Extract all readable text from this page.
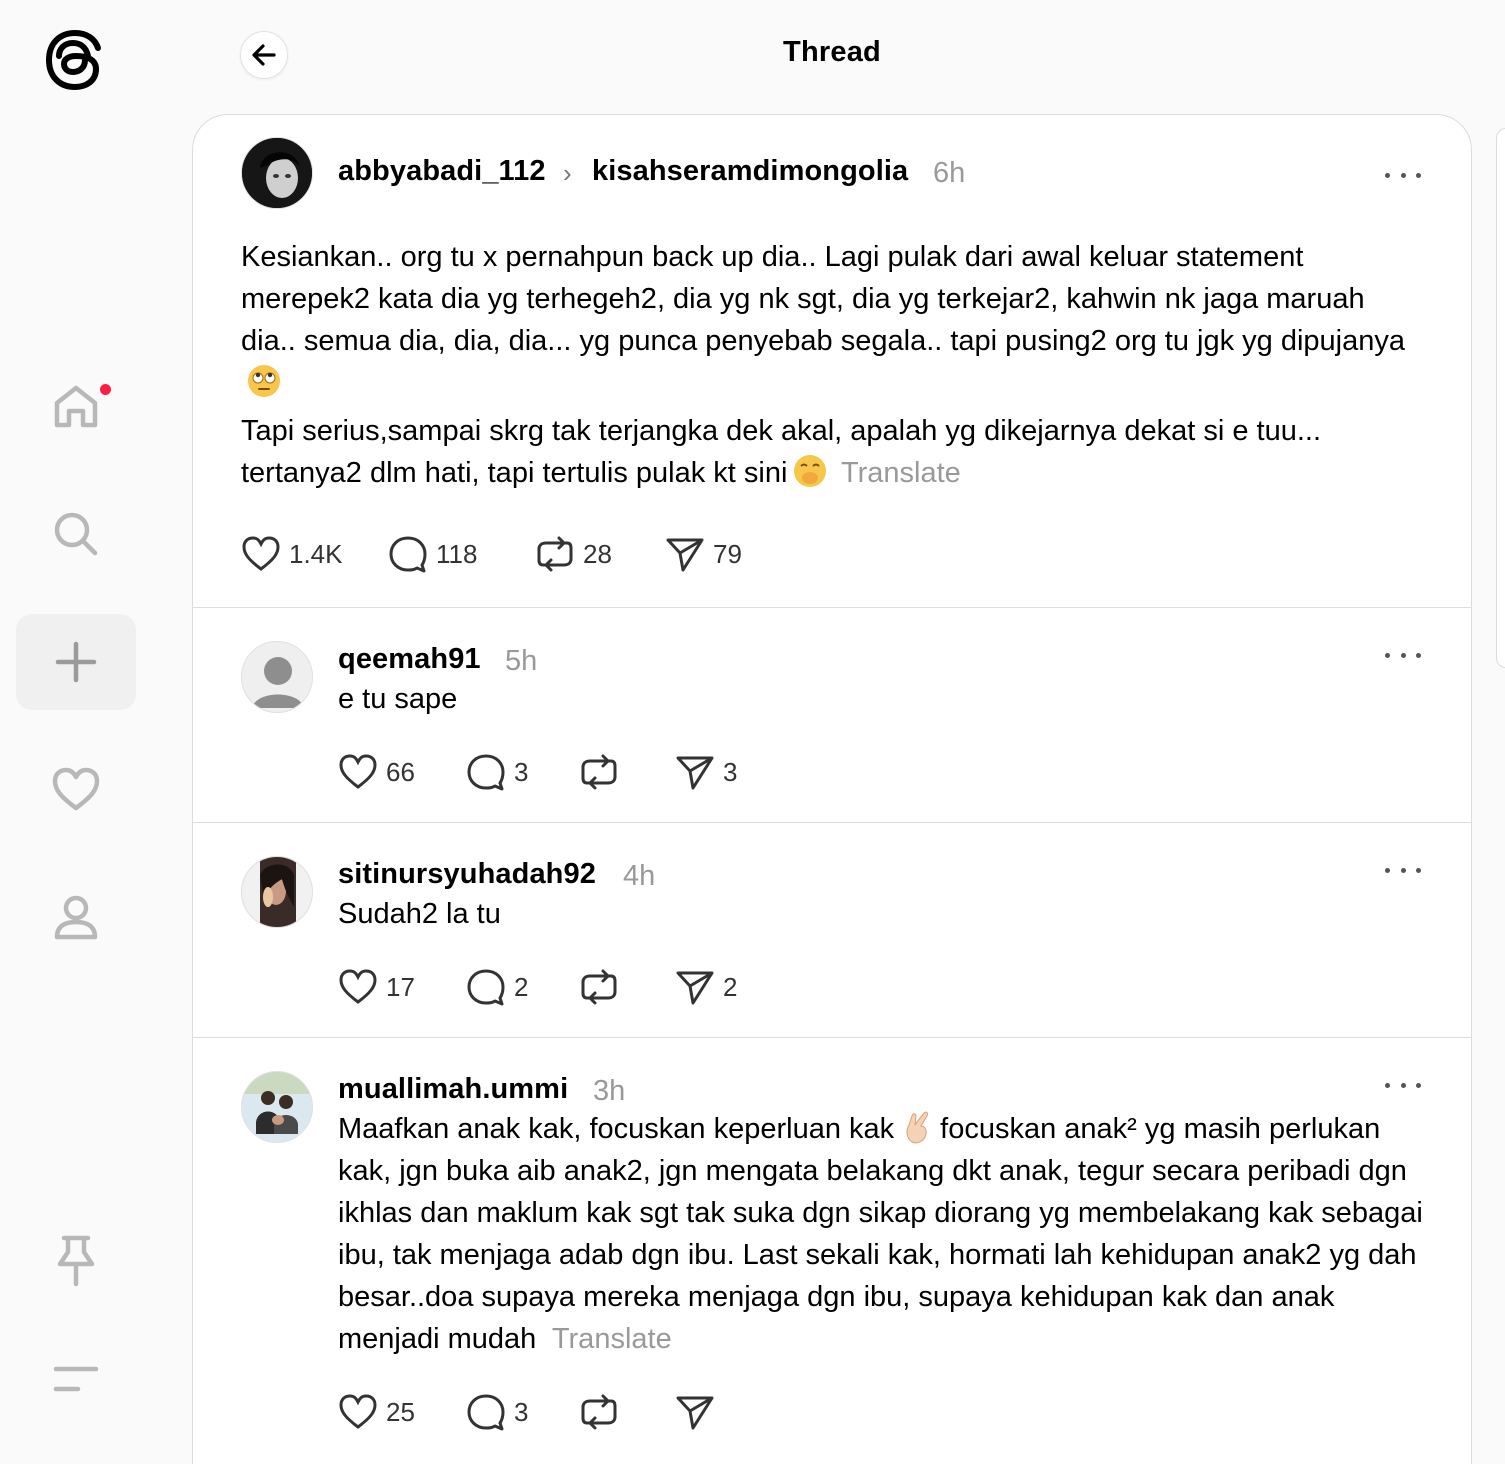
Thread
abbyabadi_112 › kisahseramdimongolia 6h

Kesiankan.. org tu x pernahpun back up dia.. Lagi pulak dari awal keluar statement merepek2 kata dia yg terhegeh2, dia yg nk sgt, dia yg terkejar2, kahwin nk jaga maruah dia.. semua dia, dia, dia... yg punca penyebab segala.. tapi pusing2 org tu jgk yg dipujanya

Tapi serius,sampai skrg tak terjangka dek akal, apalah yg dikejarnya dekat si e tuu... tertanya2 dlm hati, tapi tertulis pulak kt sini Translate

1.4K	118	28	79
qeemah91 5h
e tu sape
66	3	3
sitinursyuhadah92 4h
Sudah2 la tu
17	2	2
muallimah.ummi 3h
Maafkan anak kak, focuskan keperluan kak focuskan anak² yg masih perlukan kak, jgn buka aib anak2, jgn mengata belakang dkt anak, tegur secara peribadi dgn ikhlas dan maklum kak sgt tak suka dgn sikap diorang yg membelakang kak sebagai ibu, tak menjaga adab dgn ibu. Last sekali kak, hormati lah kehidupan anak2 yg dah besar..doa supaya mereka menjaga dgn ibu, supaya kehidupan kak dan anak menjadi mudah Translate
25	3
